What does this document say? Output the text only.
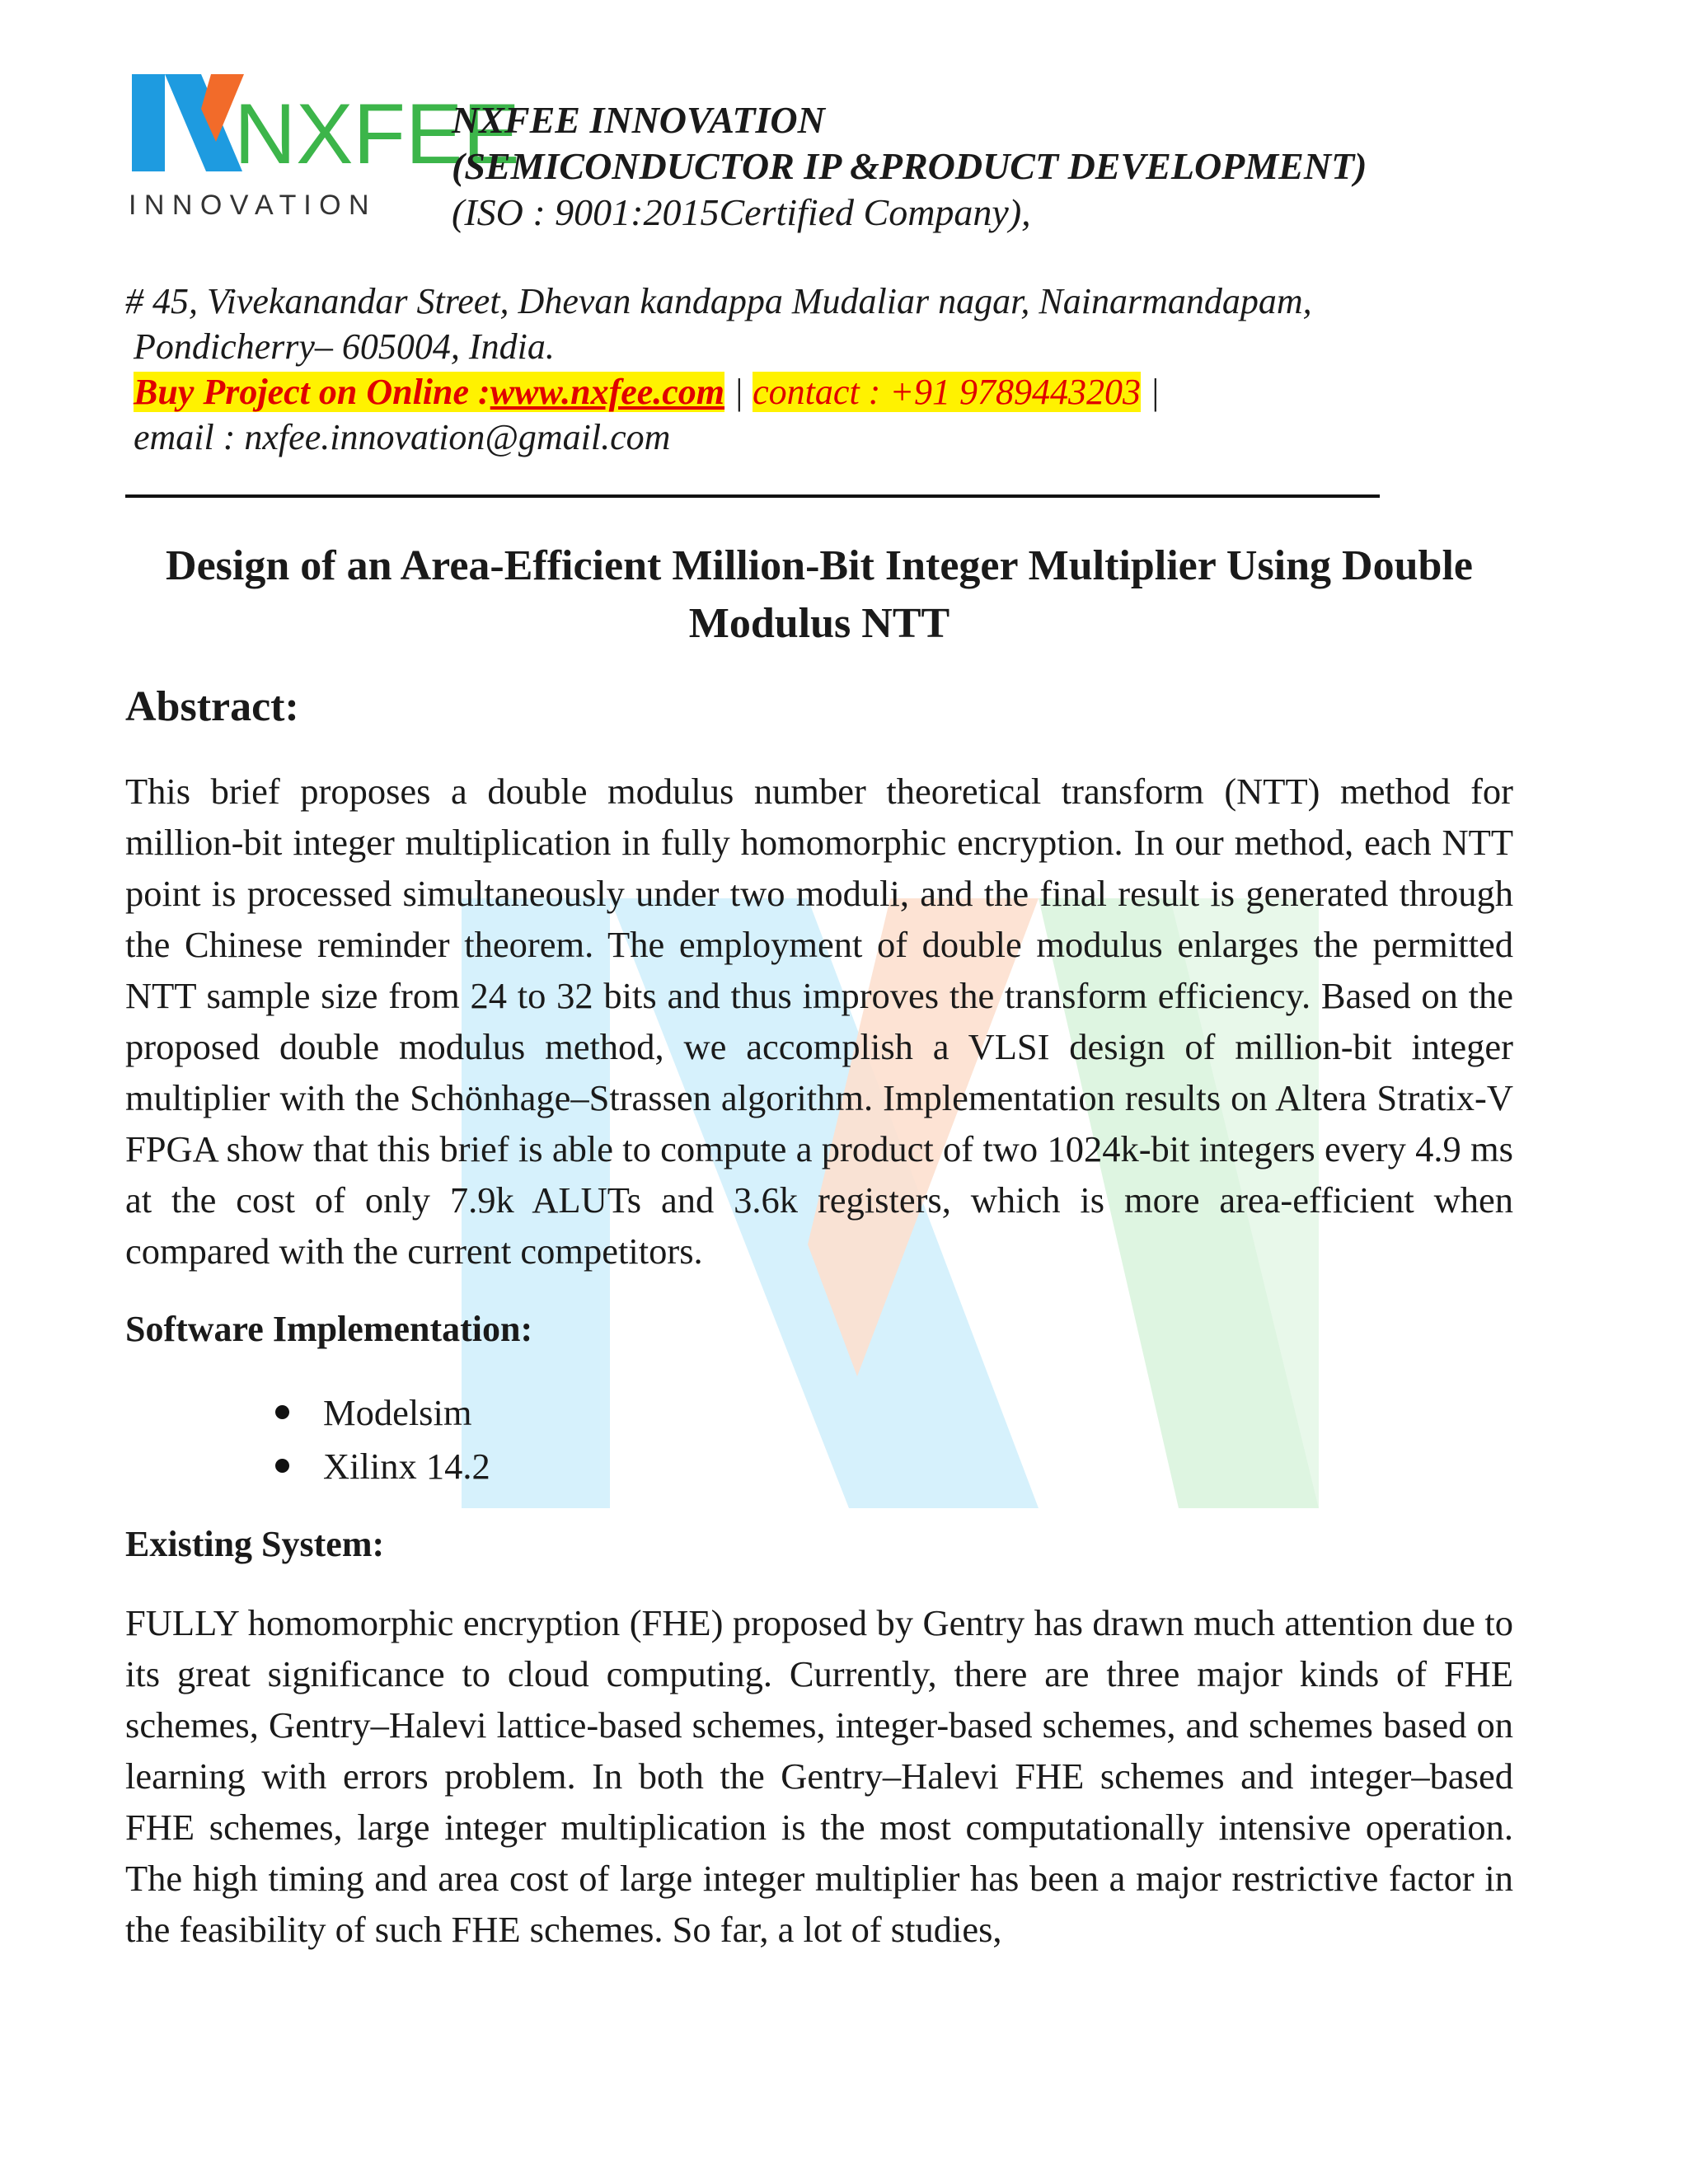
NXFEE
I N N O V A T I O N
NXFEE INNOVATION
(SEMICONDUCTOR IP &PRODUCT DEVELOPMENT)
(ISO : 9001:2015Certified Company),
# 45, Vivekanandar Street, Dhevan kandappa Mudaliar nagar, Nainarmandapam,
Pondicherry– 605004, India.
Buy Project on Online :www.nxfee.com | contact : +91 9789443203 |
email : nxfee.innovation@gmail.com
Design of an Area-Efficient Million-Bit Integer Multiplier Using Double Modulus NTT
Abstract:

This brief proposes a double modulus number theoretical transform (NTT) method for million-bit integer multiplication in fully homomorphic encryption. In our method, each NTT point is processed simultaneously under two moduli, and the final result is generated through the Chinese reminder theorem. The employment of double modulus enlarges the permitted NTT sample size from 24 to 32 bits and thus improves the transform efficiency. Based on the proposed double modulus method, we accomplish a VLSI design of million-bit integer multiplier with the Schönhage–Strassen algorithm. Implementation results on Altera Stratix-V FPGA show that this brief is able to compute a product of two 1024k-bit integers every 4.9 ms at the cost of only 7.9k ALUTs and 3.6k registers, which is more area-efficient when compared with the current competitors.

Software Implementation:
Modelsim
Xilinx 14.2
Existing System:

FULLY homomorphic encryption (FHE) proposed by Gentry has drawn much attention due to its great significance to cloud computing. Currently, there are three major kinds of FHE schemes, Gentry–Halevi lattice-based schemes, integer-based schemes, and schemes based on learning with errors problem. In both the Gentry–Halevi FHE schemes and integer–based FHE schemes, large integer multiplication is the most computationally intensive operation. The high timing and area cost of large integer multiplier has been a major restrictive factor in the feasibility of such FHE schemes. So far, a lot of studies,
